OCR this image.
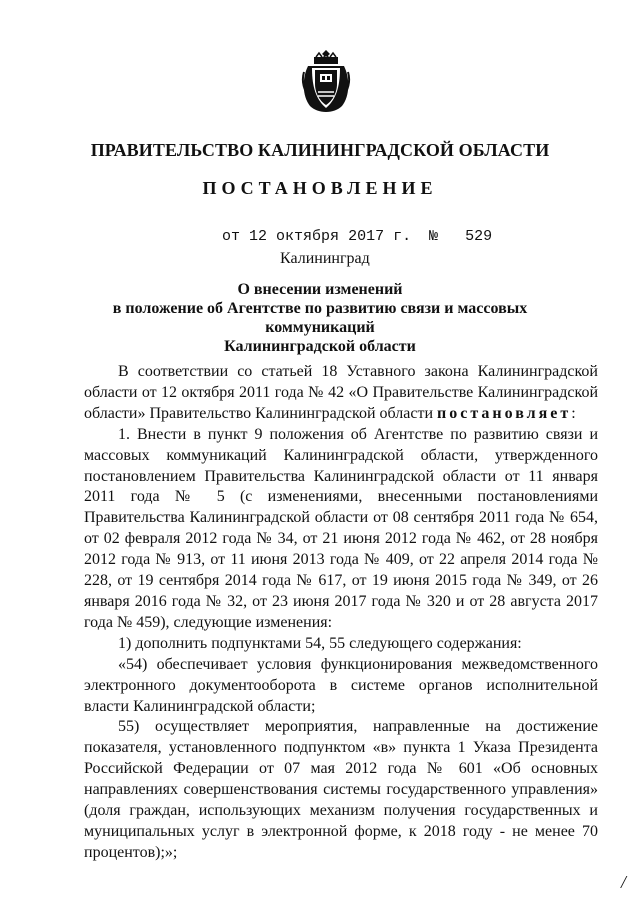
ПРАВИТЕЛЬСТВО КАЛИНИНГРАДСКОЙ ОБЛАСТИ
ПОСТАНОВЛЕНИЕ
от 12 октября 2017 г. № 529
Калининград
О внесении изменений
в положение об Агентстве по развитию связи и массовых коммуникаций
Калининградской области

В соответствии со статьей 18 Уставного закона Калининградской области от 12 октября 2011 года № 42 «О Правительстве Калининградской области» Правительство Калининградской области постановляет:

1. Внести в пункт 9 положения об Агентстве по развитию связи и массовых коммуникаций Калининградской области, утвержденного постановлением Правительства Калининградской области от 11 января 2011 года № 5 (с изменениями, внесенными постановлениями Правительства Калининградской области от 08 сентября 2011 года № 654, от 02 февраля 2012 года № 34, от 21 июня 2012 года № 462, от 28 ноября 2012 года № 913, от 11 июня 2013 года № 409, от 22 апреля 2014 года № 228, от 19 сентября 2014 года № 617, от 19 июня 2015 года № 349, от 26 января 2016 года № 32, от 23 июня 2017 года № 320 и от 28 августа 2017 года № 459), следующие изменения:

1) дополнить подпунктами 54, 55 следующего содержания:

«54) обеспечивает условия функционирования межведомственного электронного документооборота в системе органов исполнительной власти Калининградской области;

55) осуществляет мероприятия, направленные на достижение показателя, установленного подпунктом «в» пункта 1 Указа Президента Российской Федерации от 07 мая 2012 года № 601 «Об основных направлениях совершенствования системы государственного управления» (доля граждан, использующих механизм получения государственных и муниципальных услуг в электронной форме, к 2018 году - не менее 70 процентов);»;

/
